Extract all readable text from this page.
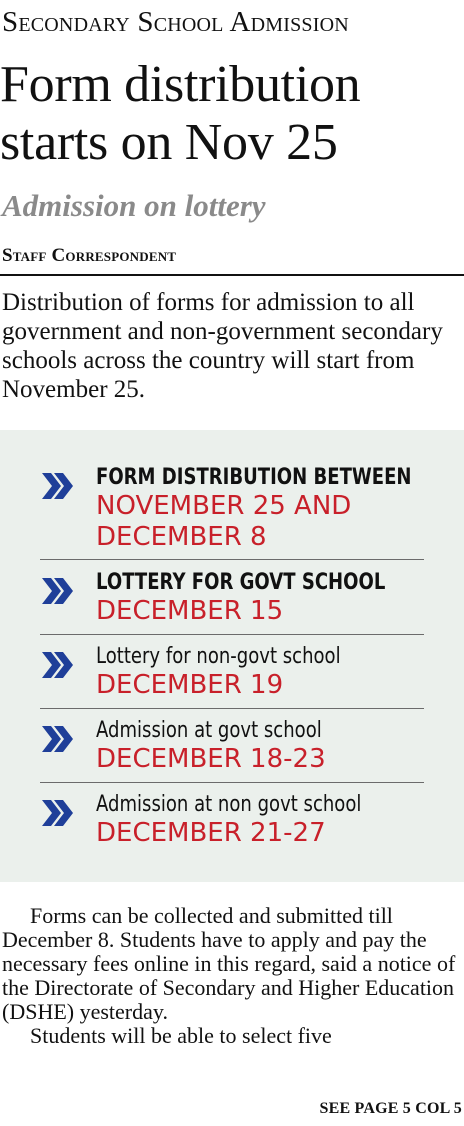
Secondary School Admission
Form distribution starts on Nov 25
Admission on lottery
Staff Correspondent
Distribution of forms for admission to all government and non-government secondary schools across the country will start from November 25.
FORM DISTRIBUTION BETWEEN
NOVEMBER 25 AND
DECEMBER 8
LOTTERY FOR GOVT SCHOOL
DECEMBER 15
Lottery for non-govt school
DECEMBER 19
Admission at govt school
DECEMBER 18-23
Admission at non govt school
DECEMBER 21-27

Forms can be collected and submitted till December 8. Students have to apply and pay the necessary fees online in this regard, said a notice of the Directorate of Secondary and Higher Education (DSHE) yesterday.

Students will be able to select five

SEE PAGE 5 COL 5
